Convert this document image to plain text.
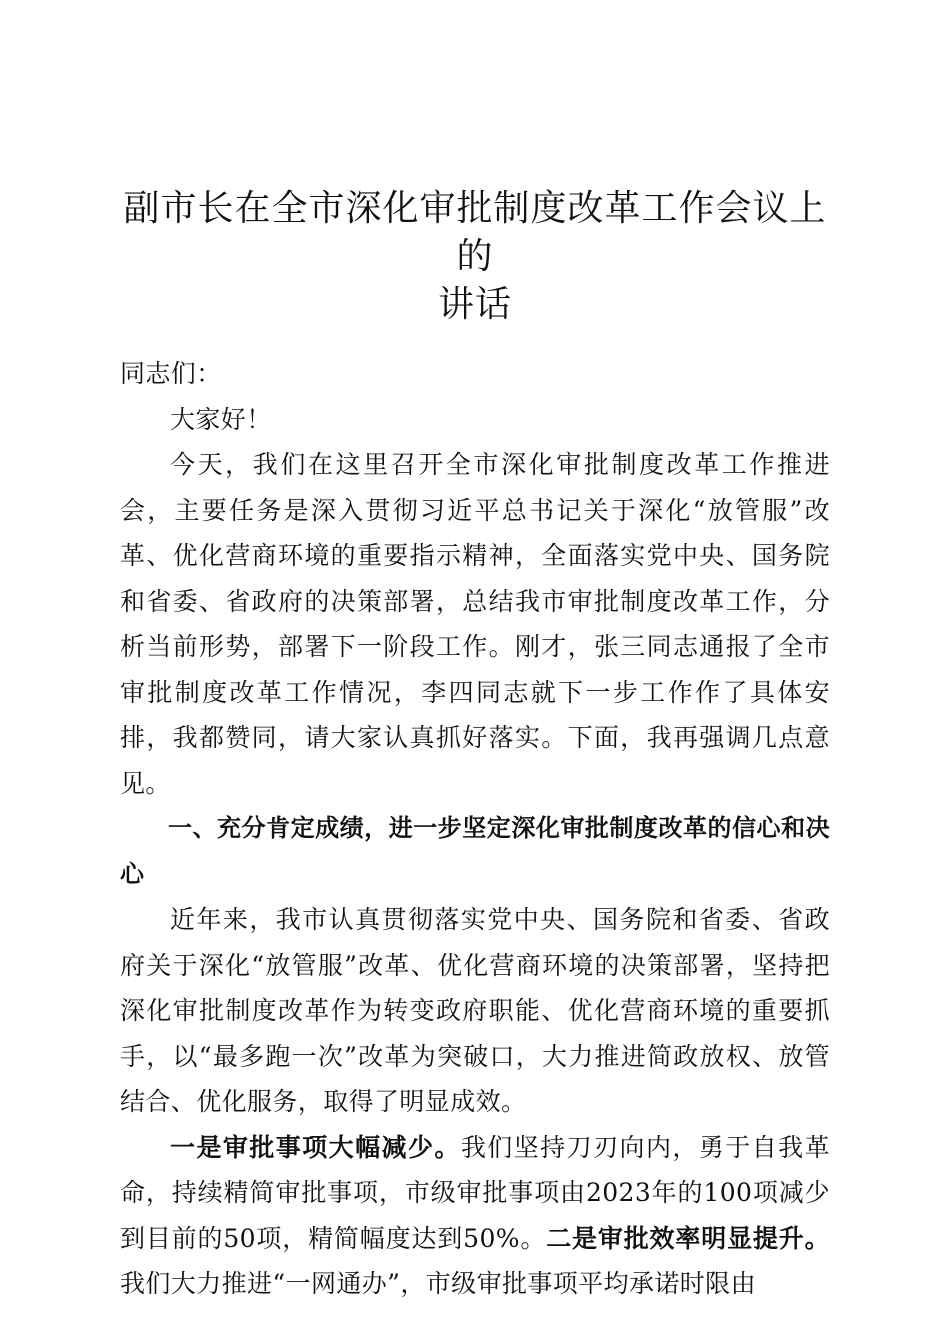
副市长在全市深化审批制度改革工作会议上的
讲话

同志们：

大家好！

今天，我们在这里召开全市深化审批制度改革工作推进会，主要任务是深入贯彻习近平总书记关于深化“放管服”改革、优化营商环境的重要指示精神，全面落实党中央、国务院和省委、省政府的决策部署，总结我市审批制度改革工作，分析当前形势，部署下一阶段工作。刚才，张三同志通报了全市审批制度改革工作情况，李四同志就下一步工作作了具体安排，我都赞同，请大家认真抓好落实。下面，我再强调几点意见。

一、充分肯定成绩，进一步坚定深化审批制度改革的信心和决心

近年来，我市认真贯彻落实党中央、国务院和省委、省政府关于深化“放管服”改革、优化营商环境的决策部署，坚持把深化审批制度改革作为转变政府职能、优化营商环境的重要抓手，以“最多跑一次”改革为突破口，大力推进简政放权、放管结合、优化服务，取得了明显成效。

一是审批事项大幅减少。我们坚持刀刃向内，勇于自我革命，持续精简审批事项，市级审批事项由2023年的100项减少到目前的50项，精简幅度达到50%。二是审批效率明显提升。我们大力推进“一网通办”，市级审批事项平均承诺时限由
